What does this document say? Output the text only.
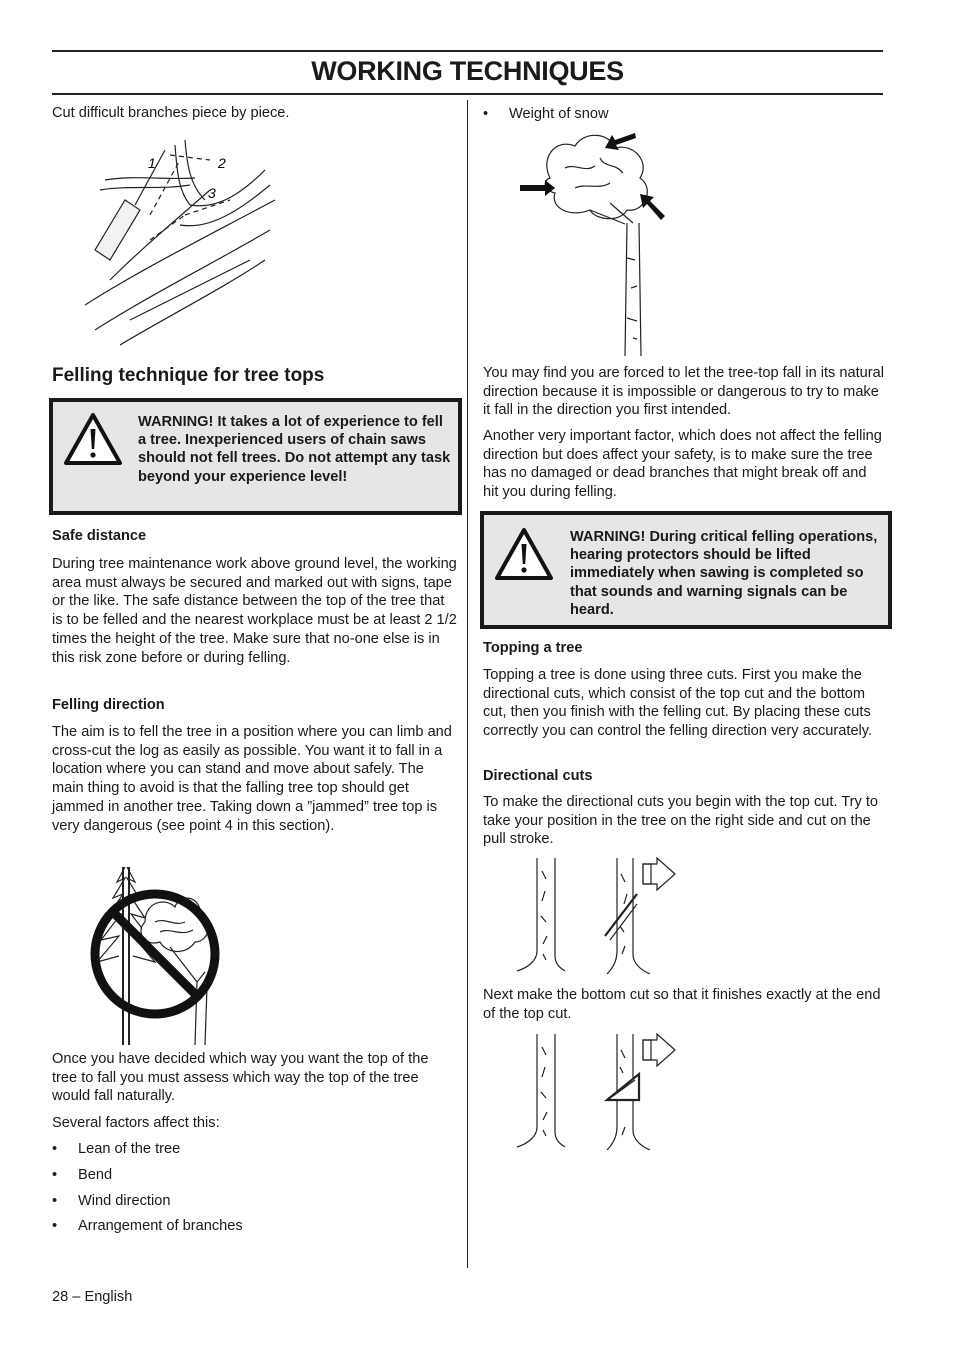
WORKING TECHNIQUES

Cut difficult branches piece by piece.

1	2
3
Felling technique for tree tops

WARNING! It takes a lot of experience to fell a tree. Inexperienced users of chain saws should not fell trees. Do not attempt any task beyond your experience level!

Safe distance

During tree maintenance work above ground level, the working area must always be secured and marked out with signs, tape or the like. The safe distance between the top of the tree that is to be felled and the nearest workplace must be at least 2 1/2 times the height of the tree. Make sure that no-one else is in this risk zone before or during felling.

Felling direction

The aim is to fell the tree in a position where you can limb and cross-cut the log as easily as possible. You want it to fall in a location where you can stand and move about safely. The main thing to avoid is that the falling tree top should get jammed in another tree. Taking down a ”jammed” tree top is very dangerous (see point 4 in this section).

Once you have decided which way you want the top of the tree to fall you must assess which way the top of the tree would fall naturally.

Several factors affect this:

• Lean of the tree
• Bend
• Wind direction
• Arrangement of branches
• Weight of snow

You may find you are forced to let the tree-top fall in its natural direction because it is impossible or dangerous to try to make it fall in the direction you first intended.

Another very important factor, which does not affect the felling direction but does affect your safety, is to make sure the tree has no damaged or dead branches that might break off and hit you during felling.

WARNING! During critical felling operations, hearing protectors should be lifted immediately when sawing is completed so that sounds and warning signals can be heard.

Topping a tree

Topping a tree is done using three cuts. First you make the directional cuts, which consist of the top cut and the bottom cut, then you finish with the felling cut. By placing these cuts correctly you can control the felling direction very accurately.

Directional cuts

To make the directional cuts you begin with the top cut. Try to take your position in the tree on the right side and cut on the pull stroke.

Next make the bottom cut so that it finishes exactly at the end of the top cut.

28 – English
